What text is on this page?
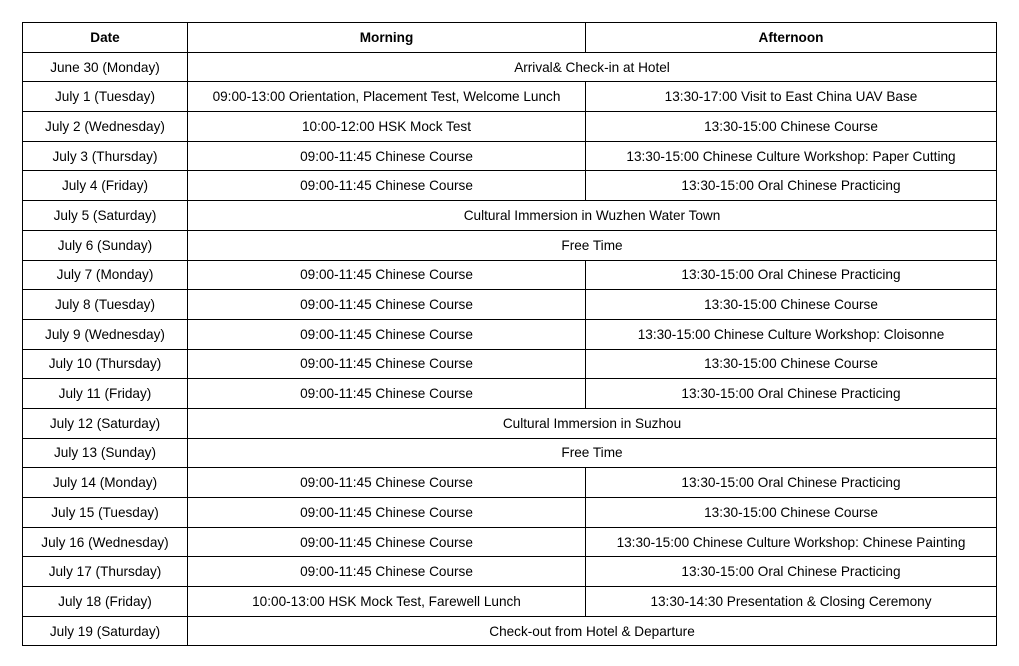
Date	Morning	Afternoon
June 30 (Monday)	Arrival& Check-in at Hotel	
July 1 (Tuesday)	09:00-13:00 Orientation, Placement Test, Welcome Lunch	13:30-17:00 Visit to East China UAV Base
July 2 (Wednesday)	10:00-12:00 HSK Mock Test	13:30-15:00 Chinese Course
July 3 (Thursday)	09:00-11:45 Chinese Course	13:30-15:00 Chinese Culture Workshop: Paper Cutting
July 4 (Friday)	09:00-11:45 Chinese Course	13:30-15:00 Oral Chinese Practicing
July 5 (Saturday)	Cultural Immersion in Wuzhen Water Town	
July 6 (Sunday)	Free Time	
July 7 (Monday)	09:00-11:45 Chinese Course	13:30-15:00 Oral Chinese Practicing
July 8 (Tuesday)	09:00-11:45 Chinese Course	13:30-15:00 Chinese Course
July 9 (Wednesday)	09:00-11:45 Chinese Course	13:30-15:00 Chinese Culture Workshop: Cloisonne
July 10 (Thursday)	09:00-11:45 Chinese Course	13:30-15:00 Chinese Course
July 11 (Friday)	09:00-11:45 Chinese Course	13:30-15:00 Oral Chinese Practicing
July 12 (Saturday)	Cultural Immersion in Suzhou	
July 13 (Sunday)	Free Time	
July 14 (Monday)	09:00-11:45 Chinese Course	13:30-15:00 Oral Chinese Practicing
July 15 (Tuesday)	09:00-11:45 Chinese Course	13:30-15:00 Chinese Course
July 16 (Wednesday)	09:00-11:45 Chinese Course	13:30-15:00 Chinese Culture Workshop: Chinese Painting
July 17 (Thursday)	09:00-11:45 Chinese Course	13:30-15:00 Oral Chinese Practicing
July 18 (Friday)	10:00-13:00 HSK Mock Test, Farewell Lunch	13:30-14:30 Presentation & Closing Ceremony
July 19 (Saturday)	Check-out from Hotel & Departure	
